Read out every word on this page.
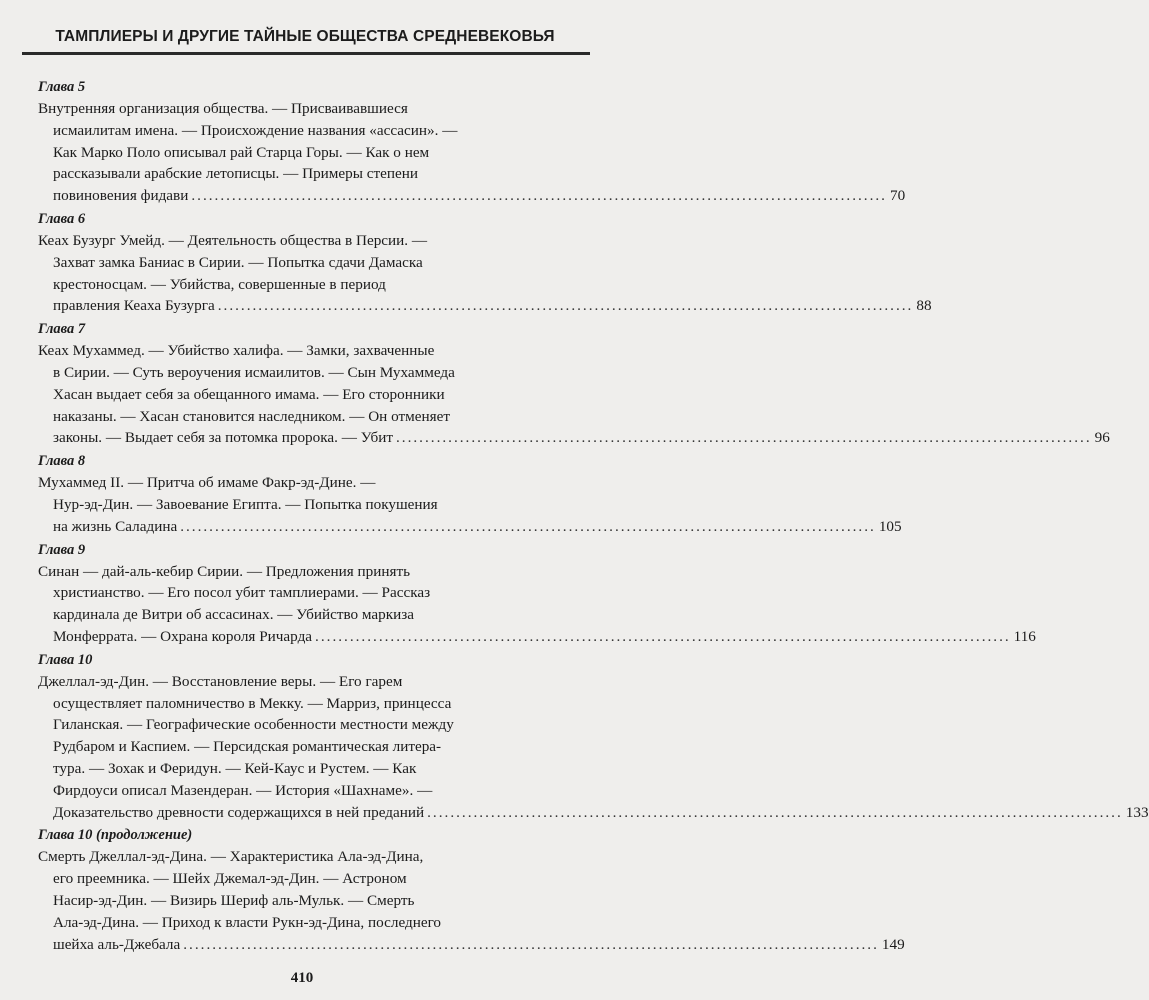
ТАМПЛИЕРЫ И ДРУГИЕ ТАЙНЫЕ ОБЩЕСТВА СРЕДНЕВЕКОВЬЯ
Глава 5
Внутренняя организация общества. — Присваивавшиеся
исмаилитам имена. — Происхождение названия «ассасин». —
Как Марко Поло описывал рай Старца Горы. — Как о нем
рассказывали арабские летописцы. — Примеры степени
повиновения фидави ........................................................................................................................ 70
Глава 6
Кеах Бузург Умейд. — Деятельность общества в Персии. —
Захват замка Баниас в Сирии. — Попытка сдачи Дамаска
крестоносцам. — Убийства, совершенные в период
правления Кеаха Бузурга ........................................................................................................................ 88
Глава 7
Кеах Мухаммед. — Убийство халифа. — Замки, захваченные
в Сирии. — Суть вероучения исмаилитов. — Сын Мухаммеда
Хасан выдает себя за обещанного имама. — Его сторонники
наказаны. — Хасан становится наследником. — Он отменяет
законы. — Выдает себя за потомка пророка. — Убит ........................................................................................................................ 96
Глава 8
Мухаммед II. — Притча об имаме Факр-эд-Дине. —
Нур-эд-Дин. — Завоевание Египта. — Попытка покушения
на жизнь Саладина ........................................................................................................................ 105
Глава 9
Синан — дай-аль-кебир Сирии. — Предложения принять
христианство. — Его посол убит тамплиерами. — Рассказ
кардинала де Витри об ассасинах. — Убийство маркиза
Монферрата. — Охрана короля Ричарда ........................................................................................................................ 116
Глава 10
Джеллал-эд-Дин. — Восстановление веры. — Его гарем
осуществляет паломничество в Мекку. — Марриз, принцесса
Гиланская. — Географические особенности местности между
Рудбаром и Каспием. — Персидская романтическая литера-
тура. — Зохак и Феридун. — Кей-Каус и Рустем. — Как
Фирдоуси описал Мазендеран. — История «Шахнаме». —
Доказательство древности содержащихся в ней преданий ........................................................................................................................ 133
Глава 10 (продолжение)
Смерть Джеллал-эд-Дина. — Характеристика Ала-эд-Дина,
его преемника. — Шейх Джемал-эд-Дин. — Астроном
Насир-эд-Дин. — Визирь Шериф аль-Мульк. — Смерть
Ала-эд-Дина. — Приход к власти Рукн-эд-Дина, последнего
шейха аль-Джебала ........................................................................................................................ 149
410
